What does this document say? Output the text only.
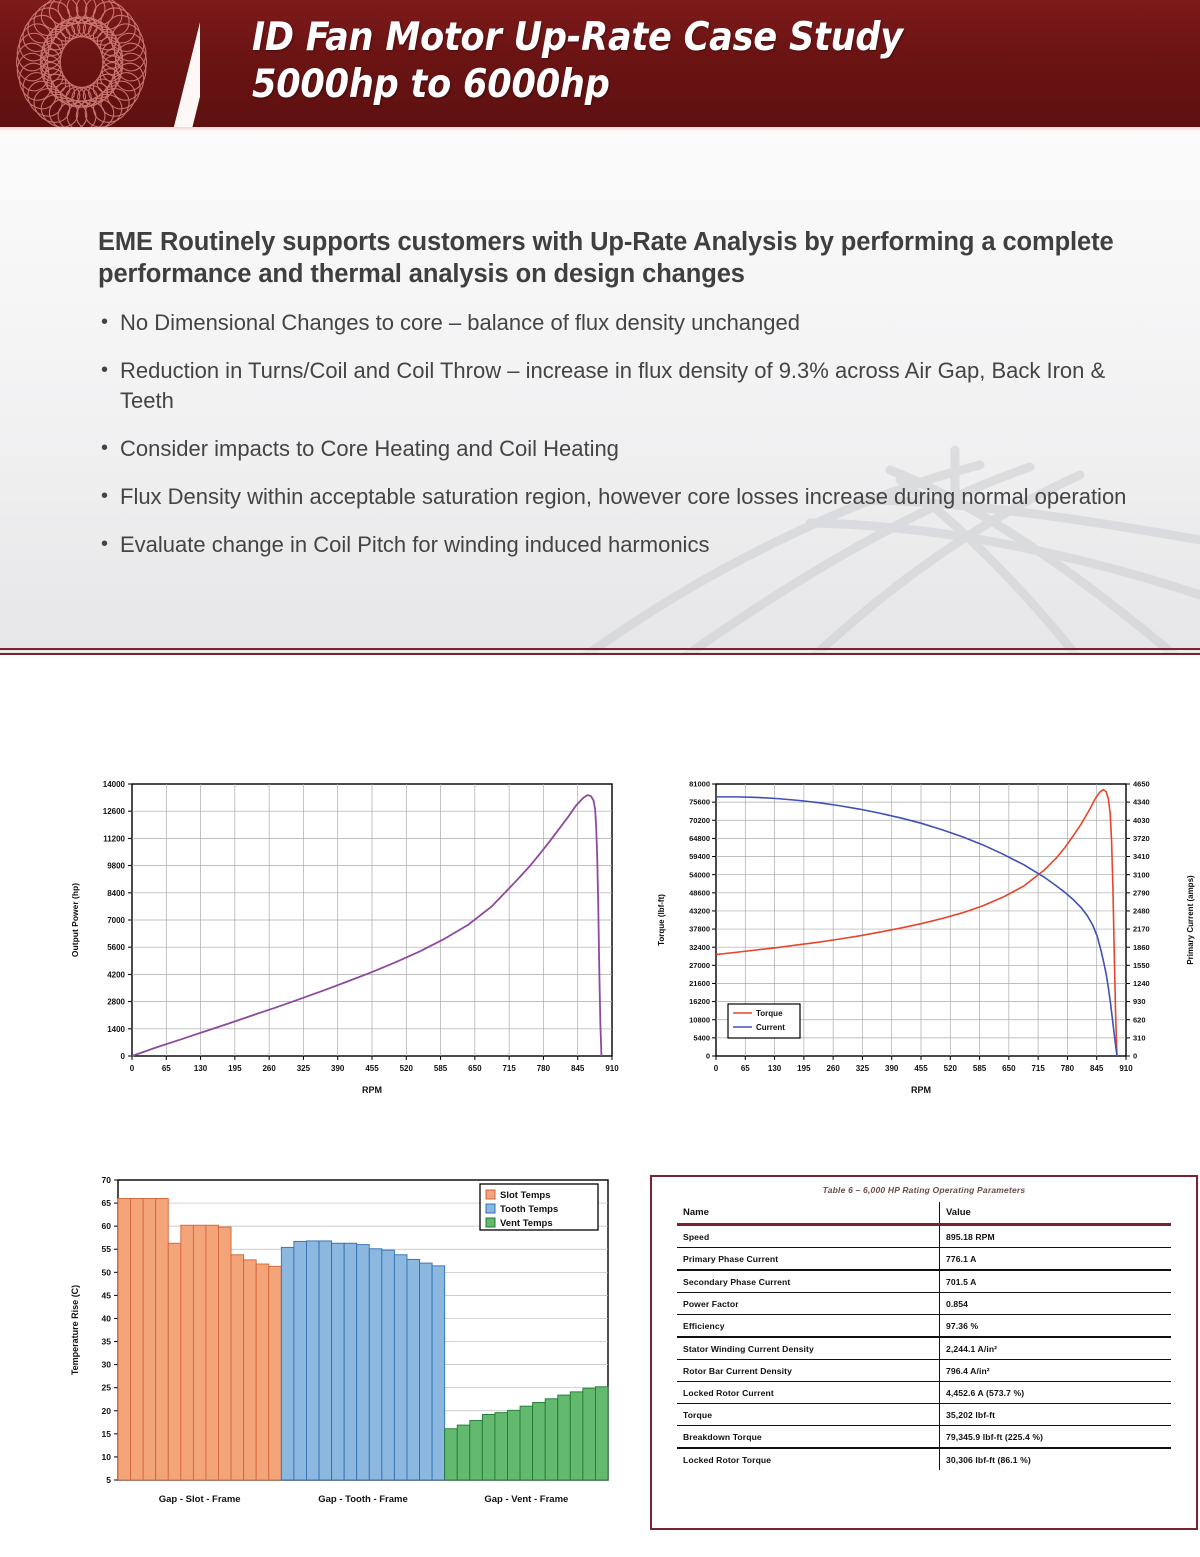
ID Fan Motor Up-Rate Case Study
5000hp to 6000hp

EME Routinely supports customers with Up-Rate Analysis by performing a complete performance and thermal analysis on design changes

• No Dimensional Changes to core – balance of flux density unchanged
• Reduction in Turns/Coil and Coil Throw – increase in flux density of 9.3% across Air Gap, Back Iron & Teeth
• Consider impacts to Core Heating and Coil Heating
• Flux Density within acceptable saturation region, however core losses increase during normal operation
• Evaluate change in Coil Pitch for winding induced harmonics
0	65	130	195	260	325	390	455	520	585	650	715	780	845	910
0
1400
2800
4200
5600
7000
8400
9800
11200
12600
14000
RPM
Output Power (hp)
0	65 130 195 260 325 390 455 520 585 650 715 780 845 910
0
5400
10800
16200
21600
27000
32400
37800
43200
48600
54000
59400
64800
70200
75600
81000
0
310
620
930
1240
1550
1860
2170
2480
2790
3100
3410
3720
4030
4340
4650
Torque
Current
RPM
Torque (lbf-ft)	Primary Current (amps)
5
10
15
20
25
30
35
40
45
50
55
60
65
70
Gap - Slot - Frame	Gap - Tooth - Frame	Gap - Vent - Frame
Slot Temps
Tooth Temps
Vent Temps
Temperature Rise (C)
Table 6 – 6,000 HP Rating Operating Parameters
Name	Value
Speed	895.18 RPM
Primary Phase Current	776.1 A
Secondary Phase Current	701.5 A
Power Factor	0.854
Efficiency	97.36 %
Stator Winding Current Density	2,244.1 A/in²
Rotor Bar Current Density	796.4 A/in²
Locked Rotor Current	4,452.6 A (573.7 %)
Torque	35,202 lbf-ft
Breakdown Torque	79,345.9 lbf-ft (225.4 %)
Locked Rotor Torque	30,306 lbf-ft (86.1 %)
